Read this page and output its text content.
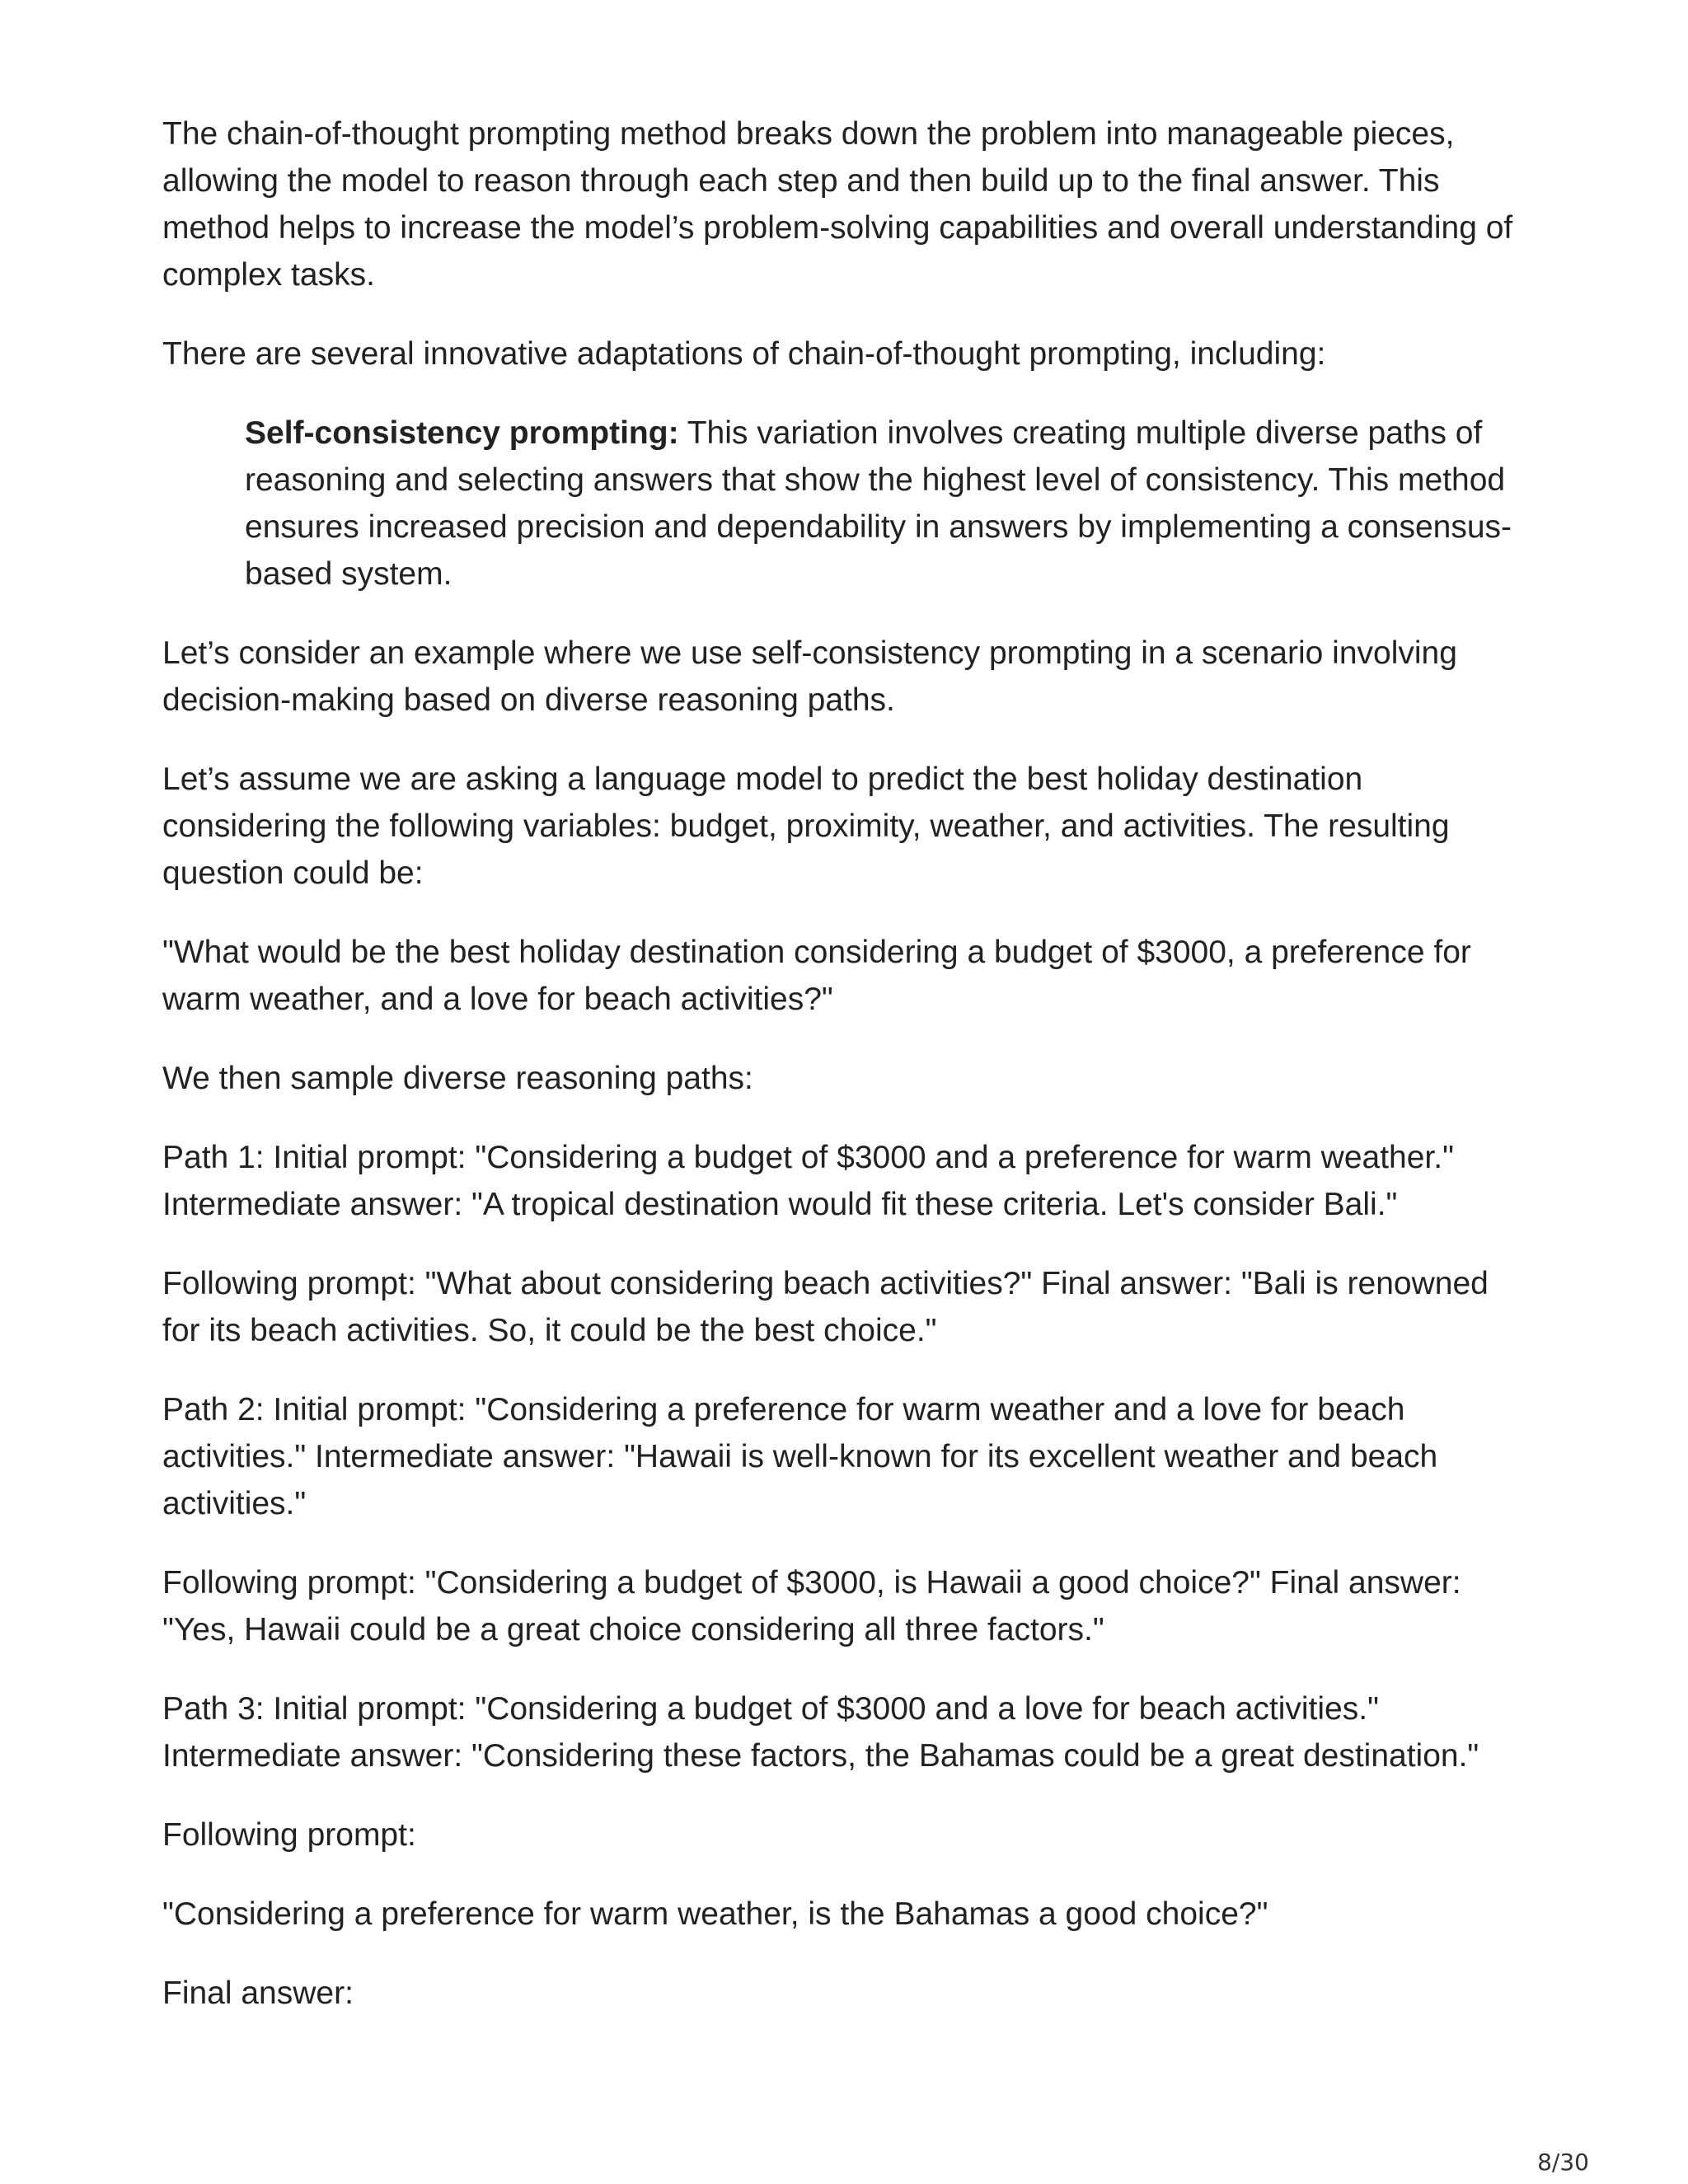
The chain-of-thought prompting method breaks down the problem into manageable pieces, allowing the model to reason through each step and then build up to the final answer. This method helps to increase the model’s problem-solving capabilities and overall understanding of complex tasks.

There are several innovative adaptations of chain-of-thought prompting, including:

Self-consistency prompting: This variation involves creating multiple diverse paths of reasoning and selecting answers that show the highest level of consistency. This method ensures increased precision and dependability in answers by implementing a consensus-based system.

Let’s consider an example where we use self-consistency prompting in a scenario involving decision-making based on diverse reasoning paths.

Let’s assume we are asking a language model to predict the best holiday destination considering the following variables: budget, proximity, weather, and activities. The resulting question could be:

"What would be the best holiday destination considering a budget of $3000, a preference for warm weather, and a love for beach activities?"

We then sample diverse reasoning paths:

Path 1: Initial prompt: "Considering a budget of $3000 and a preference for warm weather." Intermediate answer: "A tropical destination would fit these criteria. Let's consider Bali."

Following prompt: "What about considering beach activities?" Final answer: "Bali is renowned for its beach activities. So, it could be the best choice."

Path 2: Initial prompt: "Considering a preference for warm weather and a love for beach activities." Intermediate answer: "Hawaii is well-known for its excellent weather and beach activities."

Following prompt: "Considering a budget of $3000, is Hawaii a good choice?" Final answer: "Yes, Hawaii could be a great choice considering all three factors."

Path 3: Initial prompt: "Considering a budget of $3000 and a love for beach activities." Intermediate answer: "Considering these factors, the Bahamas could be a great destination."

Following prompt:

"Considering a preference for warm weather, is the Bahamas a good choice?"

Final answer:

8/30
